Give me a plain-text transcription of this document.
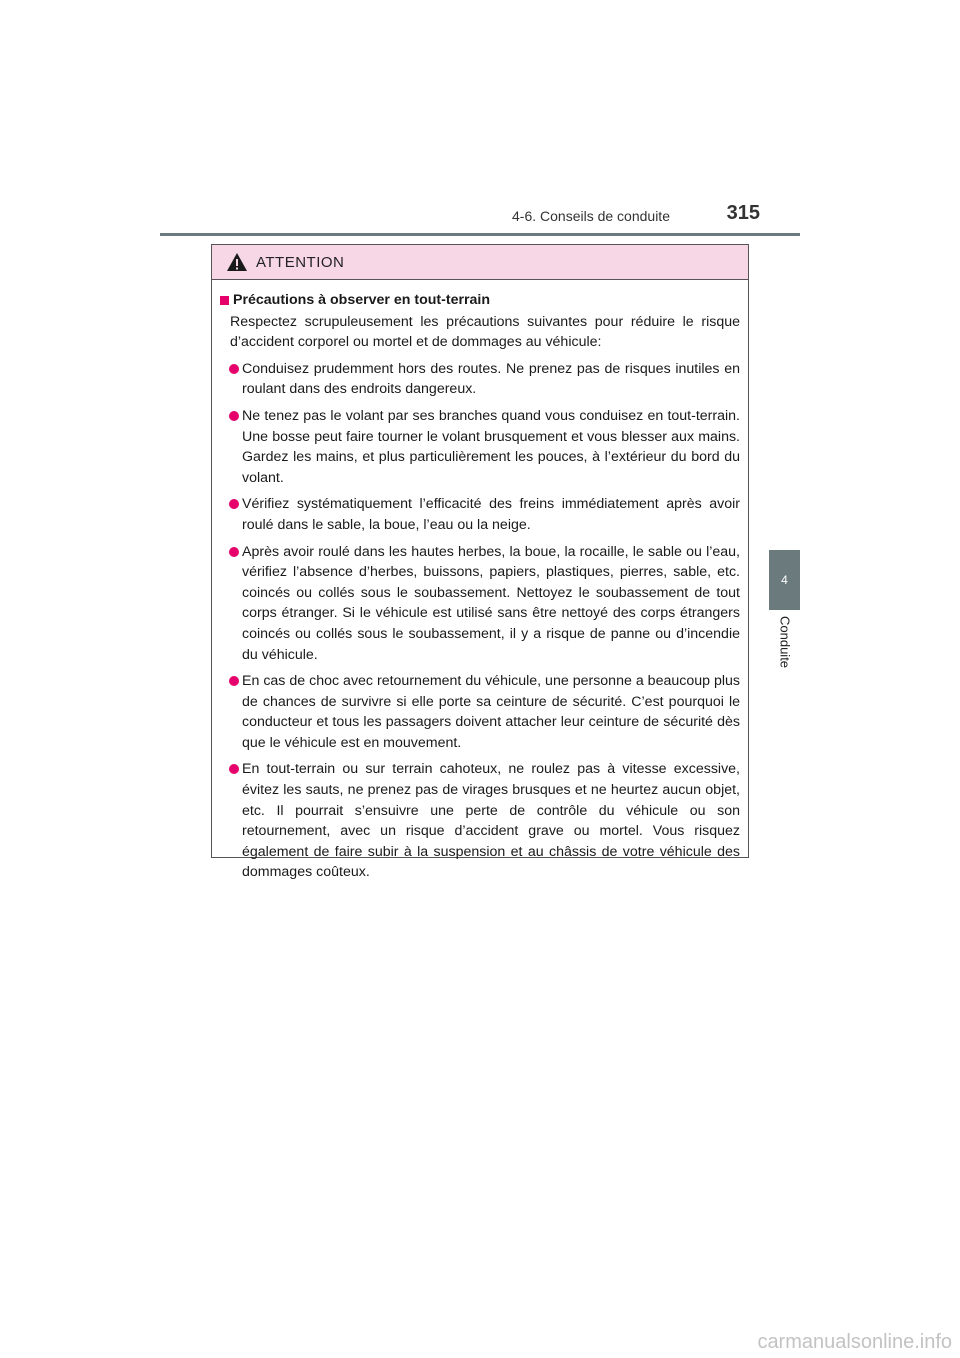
4-6. Conseils de conduite	315
4
Conduite
ATTENTION
Précautions à observer en tout-terrain

Respectez scrupuleusement les précautions suivantes pour réduire le risque d’accident corporel ou mortel et de dommages au véhicule:

Conduisez prudemment hors des routes. Ne prenez pas de risques inutiles en roulant dans des endroits dangereux.
Ne tenez pas le volant par ses branches quand vous conduisez en tout-terrain. Une bosse peut faire tourner le volant brusquement et vous blesser aux mains. Gardez les mains, et plus particulièrement les pouces, à l’extérieur du bord du volant.
Vérifiez systématiquement l’efficacité des freins immédiatement après avoir roulé dans le sable, la boue, l’eau ou la neige.
Après avoir roulé dans les hautes herbes, la boue, la rocaille, le sable ou l’eau, vérifiez l’absence d’herbes, buissons, papiers, plastiques, pierres, sable, etc. coincés ou collés sous le soubassement. Nettoyez le soubassement de tout corps étranger. Si le véhicule est utilisé sans être nettoyé des corps étrangers coincés ou collés sous le soubassement, il y a risque de panne ou d’incendie du véhicule.
En cas de choc avec retournement du véhicule, une personne a beaucoup plus de chances de survivre si elle porte sa ceinture de sécurité. C’est pourquoi le conducteur et tous les passagers doivent attacher leur ceinture de sécurité dès que le véhicule est en mouvement.
En tout-terrain ou sur terrain cahoteux, ne roulez pas à vitesse excessive, évitez les sauts, ne prenez pas de virages brusques et ne heurtez aucun objet, etc. Il pourrait s’ensuivre une perte de contrôle du véhicule ou son retournement, avec un risque d’accident grave ou mortel. Vous risquez également de faire subir à la suspension et au châssis de votre véhicule des dommages coûteux.
carmanualsonline.info
